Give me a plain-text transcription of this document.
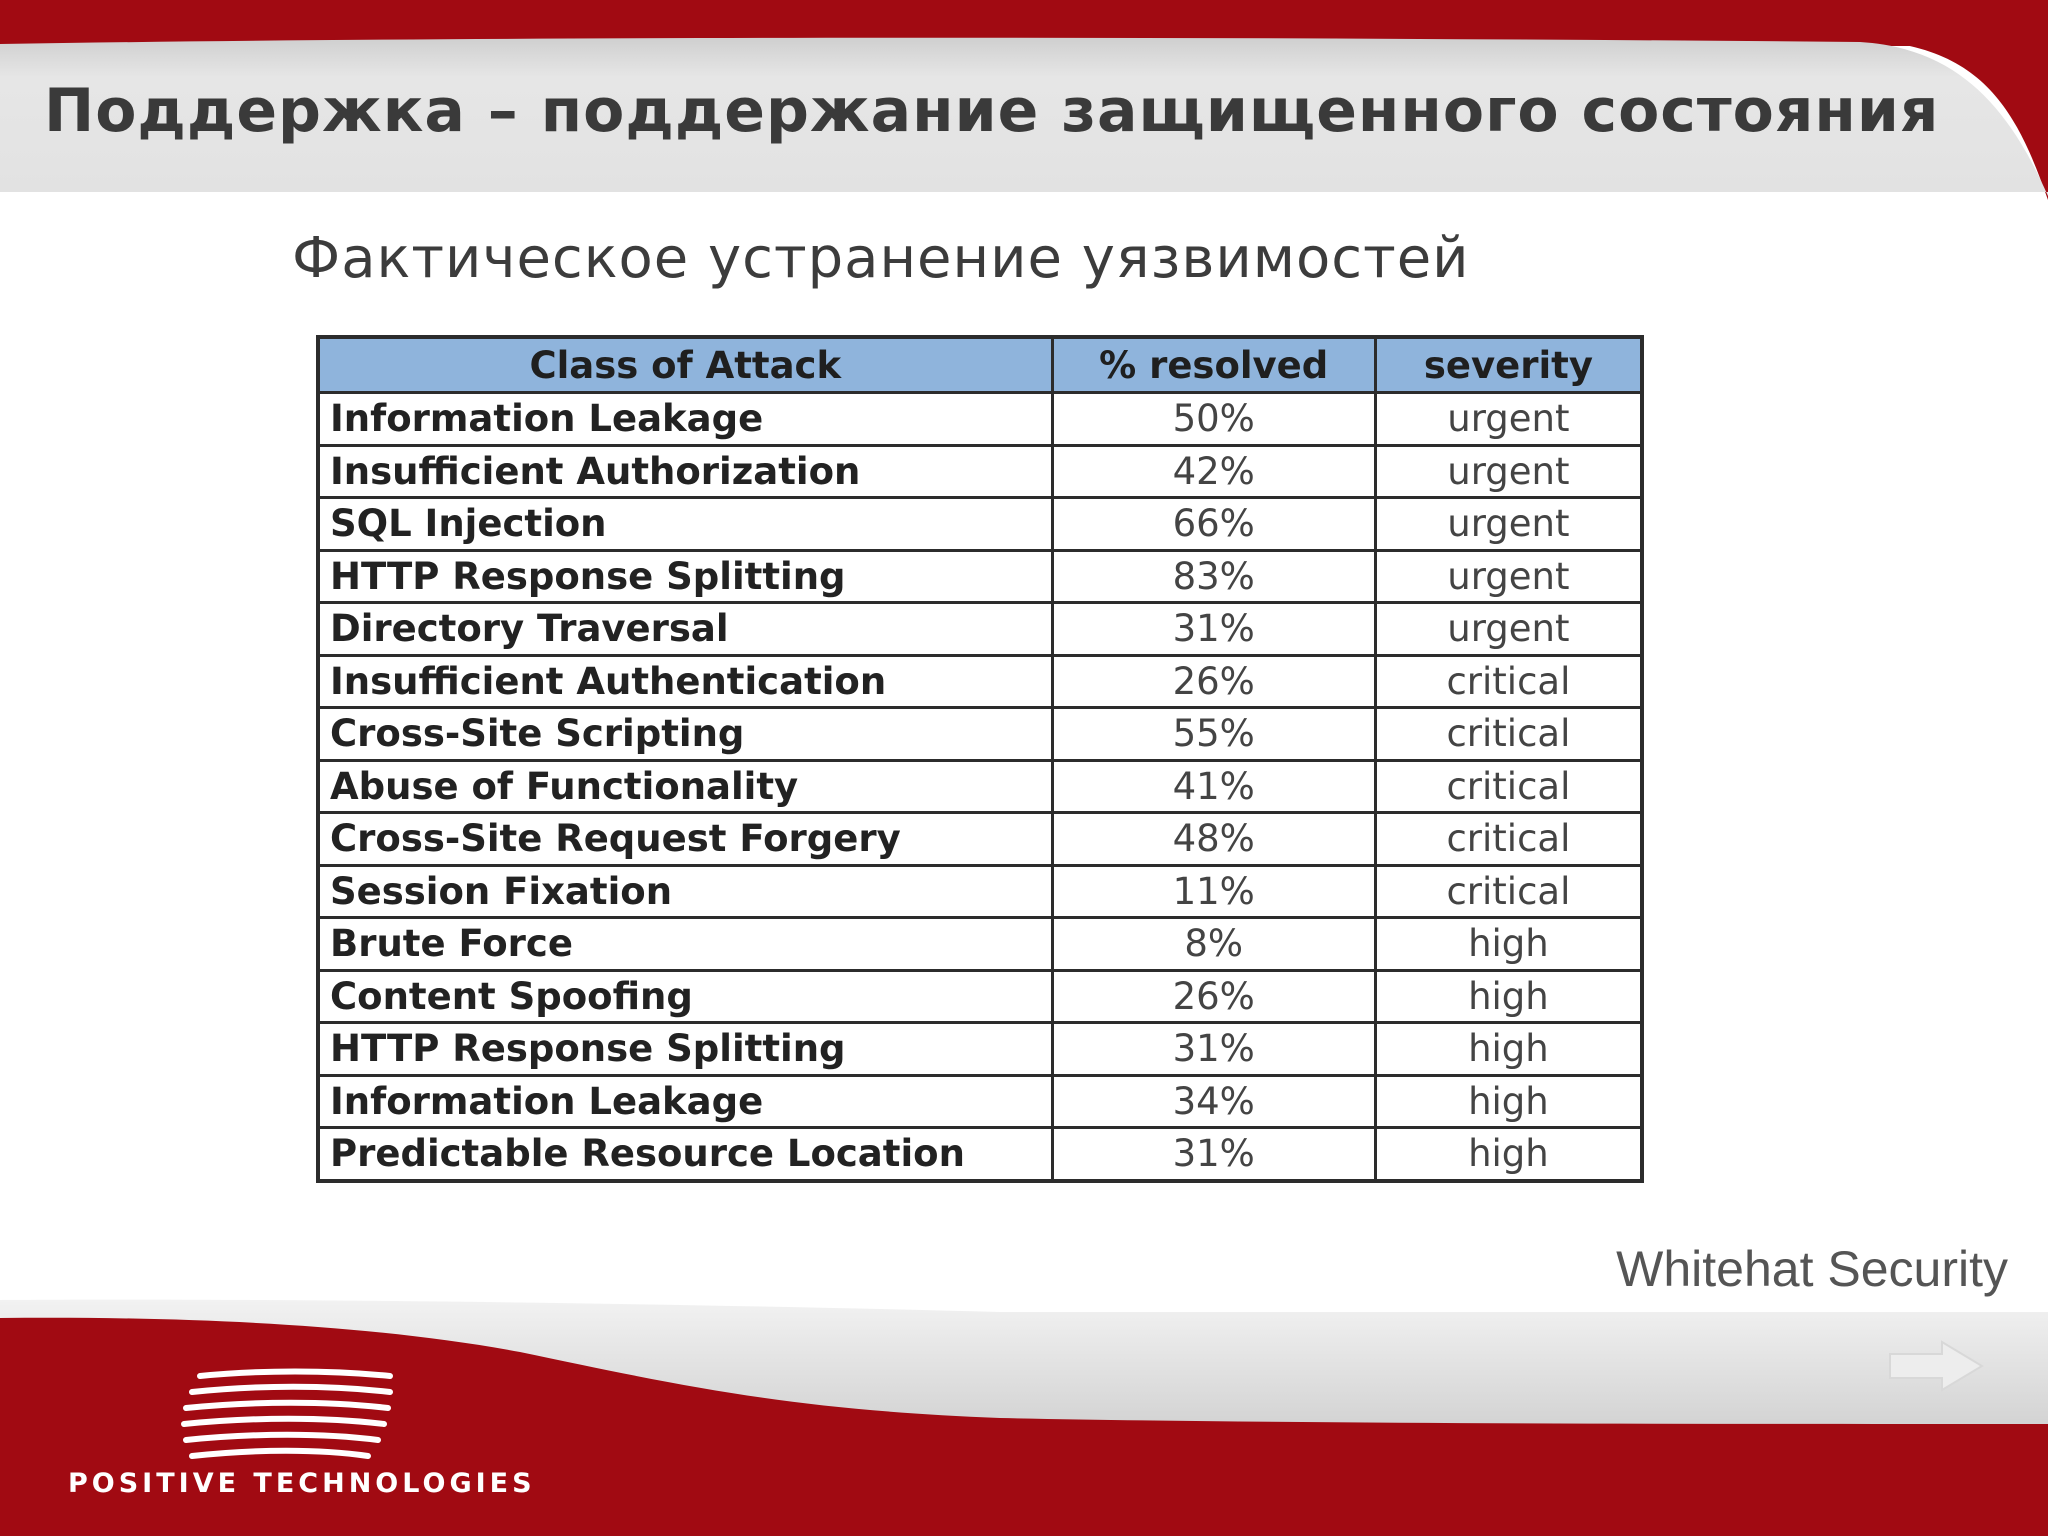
Поддержка – поддержание защищенного состояния
Фактическое устранение уязвимостей
Class of Attack	% resolved	severity
Information Leakage	50%	urgent
Insufficient Authorization	42%	urgent
SQL Injection	66%	urgent
HTTP Response Splitting	83%	urgent
Directory Traversal	31%	urgent
Insufficient Authentication	26%	critical
Cross-Site Scripting	55%	critical
Abuse of Functionality	41%	critical
Cross-Site Request Forgery	48%	critical
Session Fixation	11%	critical
Brute Force	8%	high
Content Spoofing	26%	high
HTTP Response Splitting	31%	high
Information Leakage	34%	high
Predictable Resource Location	31%	high
Whitehat Security
POSITIVE TECHNOLOGIES
